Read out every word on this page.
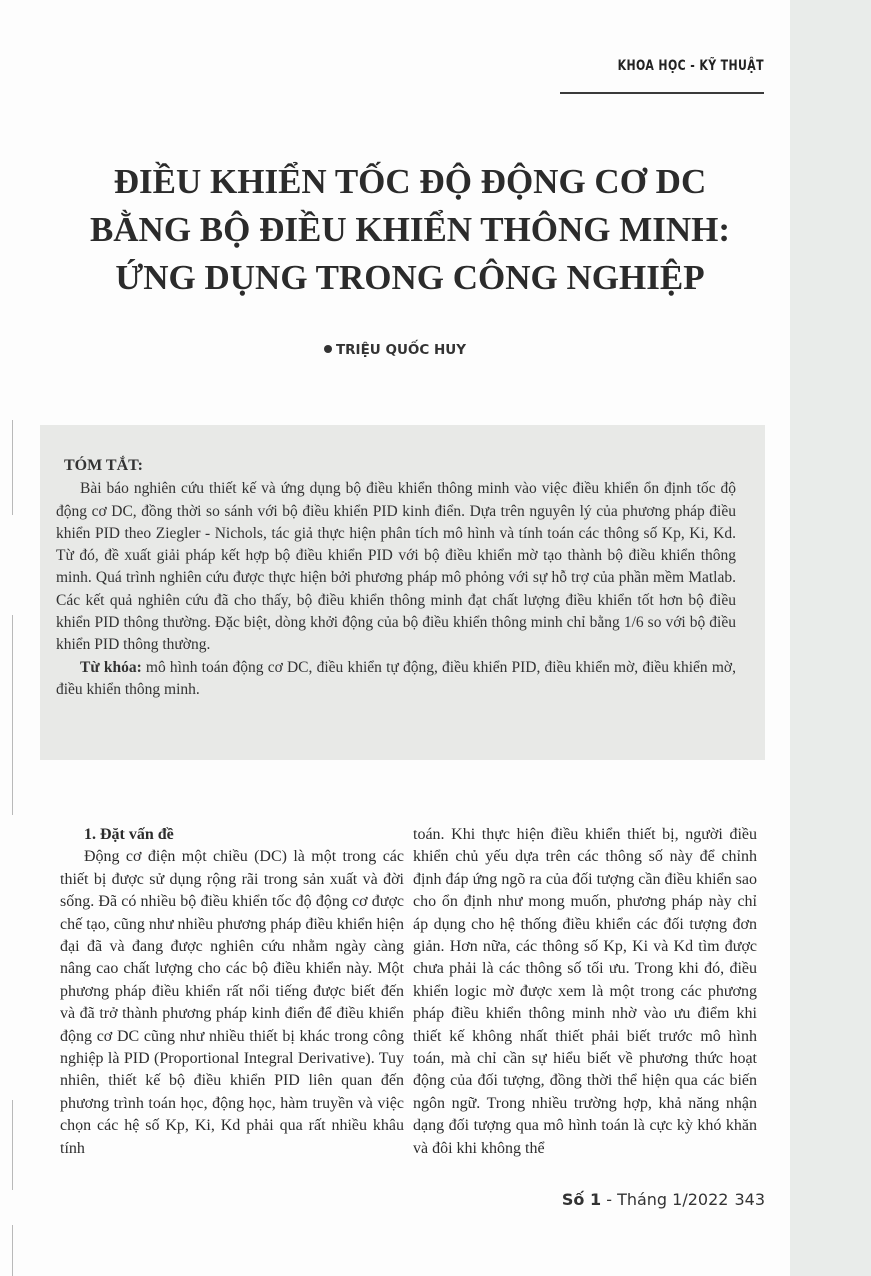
KHOA HỌC - KỸ THUẬT
ĐIỀU KHIỂN TỐC ĐỘ ĐỘNG CƠ DC
BẰNG BỘ ĐIỀU KHIỂN THÔNG MINH:
ỨNG DỤNG TRONG CÔNG NGHIỆP
TRIỆU QUỐC HUY
TÓM TẮT:

Bài báo nghiên cứu thiết kế và ứng dụng bộ điều khiển thông minh vào việc điều khiển ổn định tốc độ động cơ DC, đồng thời so sánh với bộ điều khiển PID kinh điển. Dựa trên nguyên lý của phương pháp điều khiển PID theo Ziegler - Nichols, tác giả thực hiện phân tích mô hình và tính toán các thông số Kp, Ki, Kd. Từ đó, đề xuất giải pháp kết hợp bộ điều khiển PID với bộ điều khiển mờ tạo thành bộ điều khiển thông minh. Quá trình nghiên cứu được thực hiện bởi phương pháp mô phỏng với sự hỗ trợ của phần mềm Matlab. Các kết quả nghiên cứu đã cho thấy, bộ điều khiển thông minh đạt chất lượng điều khiển tốt hơn bộ điều khiển PID thông thường. Đặc biệt, dòng khởi động của bộ điều khiển thông minh chỉ bằng 1/6 so với bộ điều khiển PID thông thường.

Từ khóa: mô hình toán động cơ DC, điều khiển tự động, điều khiển PID, điều khiển mờ, điều khiển mờ, điều khiển thông minh.

1. Đặt vấn đề

Động cơ điện một chiều (DC) là một trong các thiết bị được sử dụng rộng rãi trong sản xuất và đời sống. Đã có nhiều bộ điều khiển tốc độ động cơ được chế tạo, cũng như nhiều phương pháp điều khiển hiện đại đã và đang được nghiên cứu nhằm ngày càng nâng cao chất lượng cho các bộ điều khiển này. Một phương pháp điều khiển rất nổi tiếng được biết đến và đã trở thành phương pháp kinh điển để điều khiển động cơ DC cũng như nhiều thiết bị khác trong công nghiệp là PID (Proportional Integral Derivative). Tuy nhiên, thiết kế bộ điều khiển PID liên quan đến phương trình toán học, động học, hàm truyền và việc chọn các hệ số Kp, Ki, Kd phải qua rất nhiều khâu tính

toán. Khi thực hiện điều khiển thiết bị, người điều khiển chủ yếu dựa trên các thông số này để chỉnh định đáp ứng ngõ ra của đối tượng cần điều khiển sao cho ổn định như mong muốn, phương pháp này chỉ áp dụng cho hệ thống điều khiển các đối tượng đơn giản. Hơn nữa, các thông số Kp, Ki và Kd tìm được chưa phải là các thông số tối ưu. Trong khi đó, điều khiển logic mờ được xem là một trong các phương pháp điều khiển thông minh nhờ vào ưu điểm khi thiết kế không nhất thiết phải biết trước mô hình toán, mà chỉ cần sự hiểu biết về phương thức hoạt động của đối tượng, đồng thời thể hiện qua các biến ngôn ngữ. Trong nhiều trường hợp, khả năng nhận dạng đối tượng qua mô hình toán là cực kỳ khó khăn và đôi khi không thể

Số 1 - Tháng 1/2022 343
